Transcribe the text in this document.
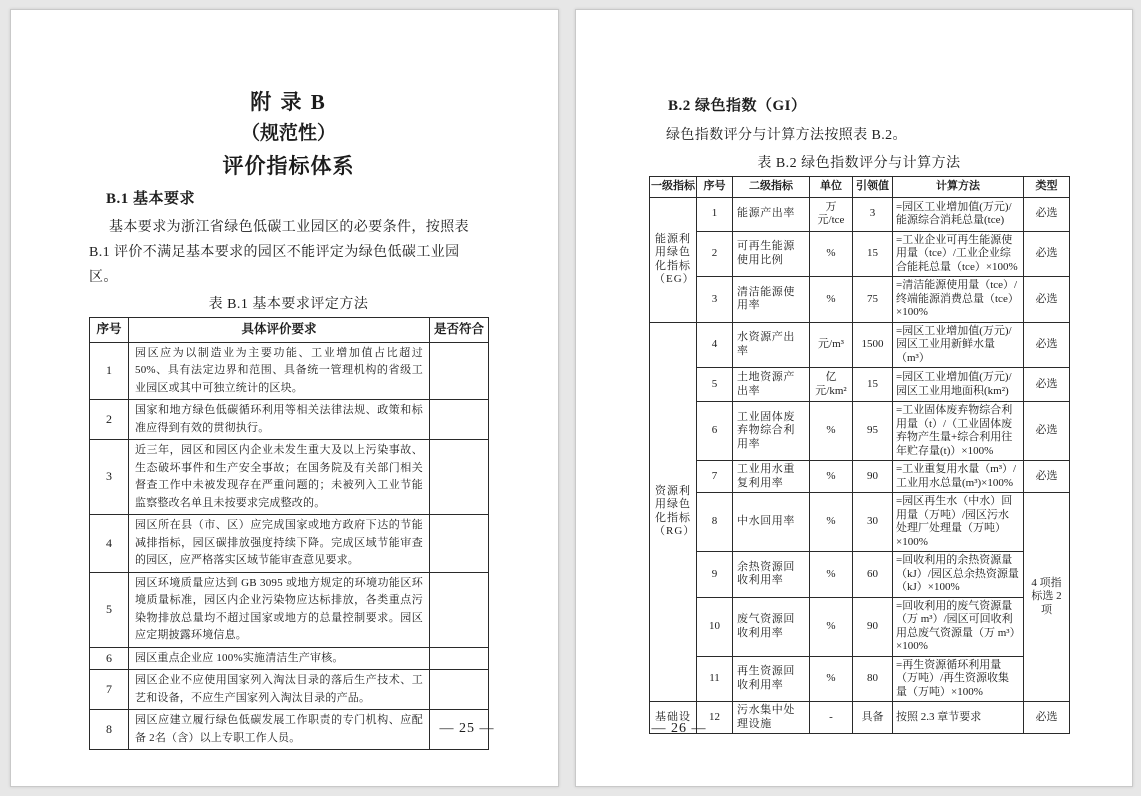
附 录 B
（规范性）
评价指标体系
B.1 基本要求
基本要求为浙江省绿色低碳工业园区的必要条件，按照表
B.1 评价不满足基本要求的园区不能评定为绿色低碳工业园区。
表 B.1 基本要求评定方法
序号	具体评价要求	是否符合
1	园区应为以制造业为主要功能、工业增加值占比超过 50%、具有法定边界和范围、具备统一管理机构的省级工业园区或其中可独立统计的区块。	
2	国家和地方绿色低碳循环利用等相关法律法规、政策和标准应得到有效的贯彻执行。	
3	近三年，园区和园区内企业未发生重大及以上污染事故、生态破坏事件和生产安全事故；在国务院及有关部门相关督查工作中未被发现存在严重问题的；未被列入工业节能监察整改名单且未按要求完成整改的。	
4	园区所在县（市、区）应完成国家或地方政府下达的节能减排指标，园区碳排放强度持续下降。完成区域节能审查的园区，应严格落实区域节能审查意见要求。	
5	园区环境质量应达到 GB 3095 或地方规定的环境功能区环境质量标准，园区内企业污染物应达标排放，各类重点污染物排放总量均不超过国家或地方的总量控制要求。园区应定期披露环境信息。	
6	园区重点企业应 100%实施清洁生产审核。	
7	园区企业不应使用国家列入淘汰目录的落后生产技术、工艺和设备，不应生产国家列入淘汰目录的产品。	
8	园区应建立履行绿色低碳发展工作职责的专门机构、应配备 2名（含）以上专职工作人员。	
— 25 —
B.2 绿色指数（GI）
绿色指数评分与计算方法按照表 B.2。
表 B.2 绿色指数评分与计算方法
一级指标	序号	二级指标	单位	引领值	计算方法	类型
能源利用绿色化指标（EG）	1	能源产出率	万元/tce	3	=园区工业增加值(万元)/能源综合消耗总量(tce)	必选
	2	可再生能源使用比例	%	15	=工业企业可再生能源使用量（tce）/工业企业综合能耗总量（tce）×100%	必选
	3	清洁能源使用率	%	75	=清洁能源使用量（tce）/终端能源消费总量（tce）×100%	必选
资源利用绿色化指标（RG）	4	水资源产出率	元/m³	1500	=园区工业增加值(万元)/园区工业用新鲜水量（m³）	必选
	5	土地资源产出率	亿元/km²	15	=园区工业增加值(万元)/园区工业用地面积(km²)	必选
	6	工业固体废弃物综合利用率	%	95	=工业固体废弃物综合利用量（t）/（工业固体废弃物产生量+综合利用往年贮存量(t)）×100%	必选
	7	工业用水重复利用率	%	90	=工业重复用水量（m³）/工业用水总量(m³)×100%	必选
	8	中水回用率	%	30	=园区再生水（中水）回用量（万吨）/园区污水处理厂处理量（万吨）×100%	4 项指标选 2 项
	9	余热资源回收利用率	%	60	=回收利用的余热资源量（kJ）/园区总余热资源量（kJ）×100%	
	10	废气资源回收利用率	%	90	=回收利用的废气资源量（万 m³）/园区可回收利用总废气资源量（万 m³）×100%	
	11	再生资源回收利用率	%	80	=再生资源循环利用量（万吨）/再生资源收集量（万吨）×100%	
基础设	12	污水集中处理设施	-	具备	按照 2.3 章节要求	必选
— 26 —
